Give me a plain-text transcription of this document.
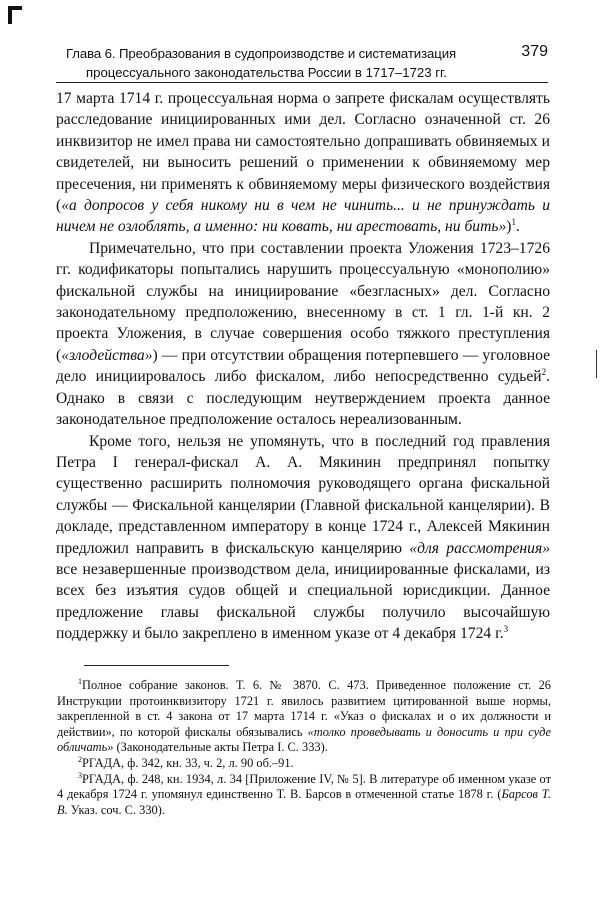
Глава 6. Преобразования в судопроизводстве и систематизация	379
процессуального законодательства России в 1717–1723 гг.

17 марта 1714 г. процессуальная норма о запрете фискалам осуществлять расследование инициированных ими дел. Согласно означенной ст. 26 инквизитор не имел права ни самостоятельно допрашивать обвиняемых и свидетелей, ни выносить решений о применении к обвиняемому мер пресечения, ни применять к обвиняемому меры физического воздействия («а допросов у себя никому ни в чем не чинить... и не принуждать и ничем не озлоблять, а именно: ни ковать, ни арестовать, ни бить»)$^1$.

Примечательно, что при составлении проекта Уложения 1723–1726 гг. кодификаторы попытались нарушить процессуальную «монополию» фискальной службы на инициирование «безгласных» дел. Согласно законодательному предположению, внесенному в ст. 1 гл. 1-й кн. 2 проекта Уложения, в случае совершения особо тяжкого преступления («злодейства») — при отсутствии обращения потерпевшего — уголовное дело инициировалось либо фискалом, либо непосредственно судьей$^2$. Однако в связи с последующим неутверждением проекта данное законодательное предположение осталось нереализованным.

Кроме того, нельзя не упомянуть, что в последний год правления Петра I генерал-фискал А. А. Мякинин предпринял попытку существенно расширить полномочия руководящего органа фискальной службы — Фискальной канцелярии (Главной фискальной канцелярии). В докладе, представленном императору в конце 1724 г., Алексей Мякинин предложил направить в фискальскую канцелярию «для рассмотрения» все незавершенные производством дела, инициированные фискалами, из всех без изъятия судов общей и специальной юрисдикции. Данное предложение главы фискальной службы получило высочайшую поддержку и было закреплено в именном указе от 4 декабря 1724 г.$^3$

$^1$Полное собрание законов. Т. 6. № 3870. С. 473. Приведенное положение ст. 26 Инструкции протоинквизитору 1721 г. явилось развитием цитированной выше нормы, закрепленной в ст. 4 закона от 17 марта 1714 г. «Указ о фискалах и о их должности и действии», по которой фискалы обязывались «толко проведывать и доносить и при суде обличать» (Законодательные акты Петра I. С. 333).

$^2$РГАДА, ф. 342, кн. 33, ч. 2, л. 90 об.–91.

$^3$РГАДА, ф. 248, кн. 1934, л. 34 [Приложение IV, № 5]. В литературе об именном указе от 4 декабря 1724 г. упомянул единственно Т. В. Барсов в отмеченной статье 1878 г. (Барсов Т. В. Указ. соч. С. 330).
